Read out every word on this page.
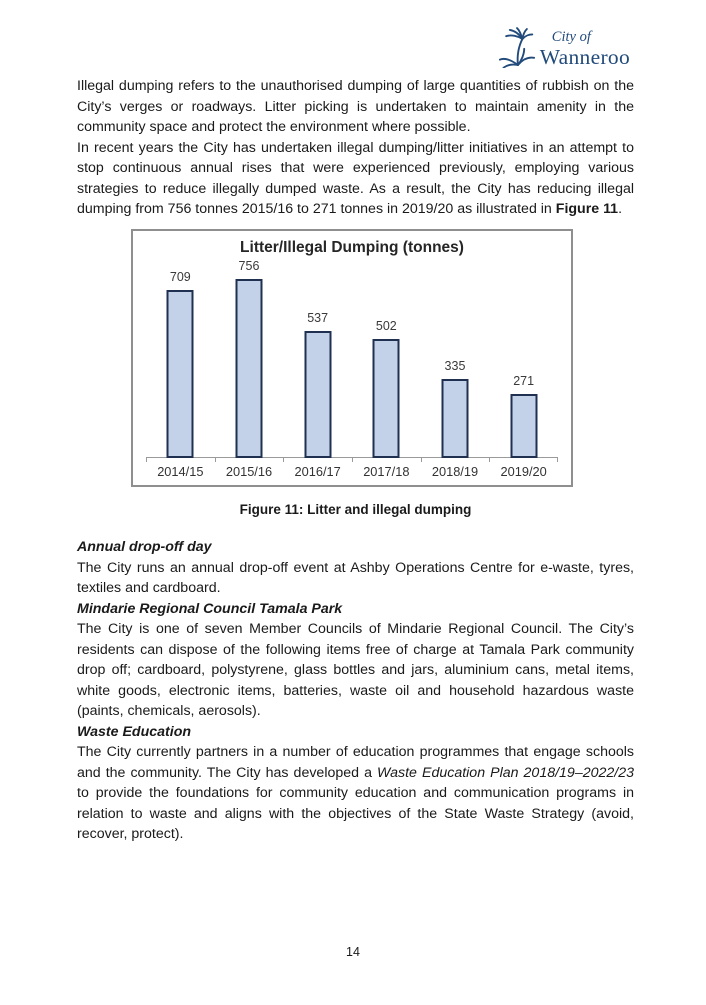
City of
Wanneroo

Illegal dumping refers to the unauthorised dumping of large quantities of rubbish on the City’s verges or roadways. Litter picking is undertaken to maintain amenity in the community space and protect the environment where possible.

In recent years the City has undertaken illegal dumping/litter initiatives in an attempt to stop continuous annual rises that were experienced previously, employing various strategies to reduce illegally dumped waste. As a result, the City has reducing illegal dumping from 756 tonnes 2015/16 to 271 tonnes in 2019/20 as illustrated in Figure 11.

Litter/Illegal Dumping (tonnes)
709
2014/15
756
2015/16
537
2016/17
502
2017/18
335
2018/19
271
2019/20
Figure 11: Litter and illegal dumping

Annual drop-off day

The City runs an annual drop-off event at Ashby Operations Centre for e-waste, tyres, textiles and cardboard.

Mindarie Regional Council Tamala Park

The City is one of seven Member Councils of Mindarie Regional Council. The City’s residents can dispose of the following items free of charge at Tamala Park community drop off; cardboard, polystyrene, glass bottles and jars, aluminium cans, metal items, white goods, electronic items, batteries, waste oil and household hazardous waste (paints, chemicals, aerosols).

Waste Education

The City currently partners in a number of education programmes that engage schools and the community. The City has developed a Waste Education Plan 2018/19–2022/23 to provide the foundations for community education and communication programs in relation to waste and aligns with the objectives of the State Waste Strategy (avoid, recover, protect).

14
